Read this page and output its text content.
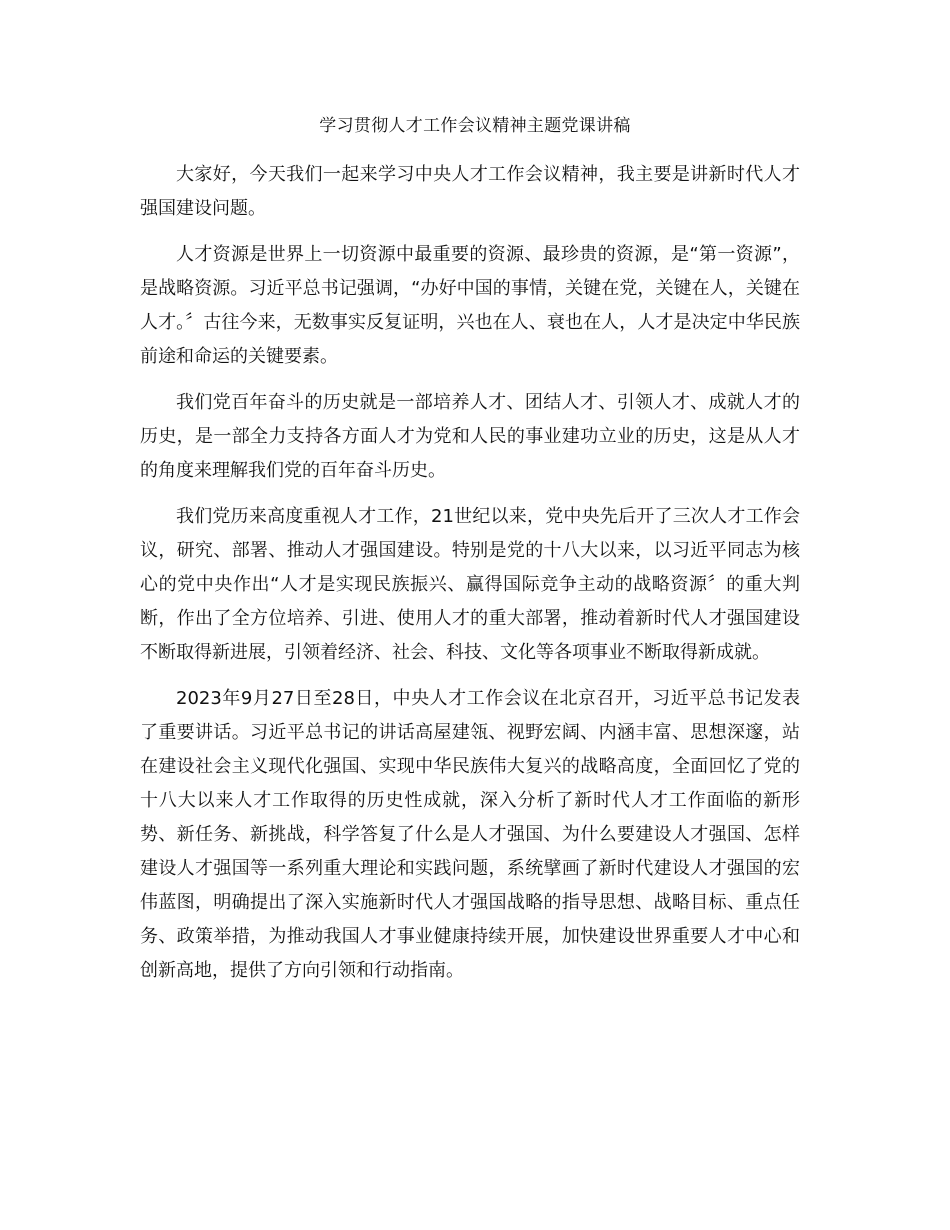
学习贯彻人才工作会议精神主题党课讲稿

大家好，今天我们一起来学习中央人才工作会议精神，我主要是讲新时代人才强国建设问题。

人才资源是世界上一切资源中最重要的资源、最珍贵的资源，是“第一资源”，是战略资源。习近平总书记强调，“办好中国的事情，关键在党，关键在人，关键在人才。〞古往今来，无数事实反复证明，兴也在人、衰也在人，人才是决定中华民族前途和命运的关键要素。

我们党百年奋斗的历史就是一部培养人才、团结人才、引领人才、成就人才的历史，是一部全力支持各方面人才为党和人民的事业建功立业的历史，这是从人才的角度来理解我们党的百年奋斗历史。

我们党历来高度重视人才工作，21世纪以来，党中央先后开了三次人才工作会议，研究、部署、推动人才强国建设。特别是党的十八大以来，以习近平同志为核心的党中央作出“人才是实现民族振兴、赢得国际竞争主动的战略资源〞的重大判断，作出了全方位培养、引进、使用人才的重大部署，推动着新时代人才强国建设不断取得新进展，引领着经济、社会、科技、文化等各项事业不断取得新成就。

2023年9月27日至28日，中央人才工作会议在北京召开，习近平总书记发表了重要讲话。习近平总书记的讲话高屋建瓴、视野宏阔、内涵丰富、思想深邃，站在建设社会主义现代化强国、实现中华民族伟大复兴的战略高度，全面回忆了党的十八大以来人才工作取得的历史性成就，深入分析了新时代人才工作面临的新形势、新任务、新挑战，科学答复了什么是人才强国、为什么要建设人才强国、怎样建设人才强国等一系列重大理论和实践问题，系统擘画了新时代建设人才强国的宏伟蓝图，明确提出了深入实施新时代人才强国战略的指导思想、战略目标、重点任务、政策举措，为推动我国人才事业健康持续开展，加快建设世界重要人才中心和创新高地，提供了方向引领和行动指南。
